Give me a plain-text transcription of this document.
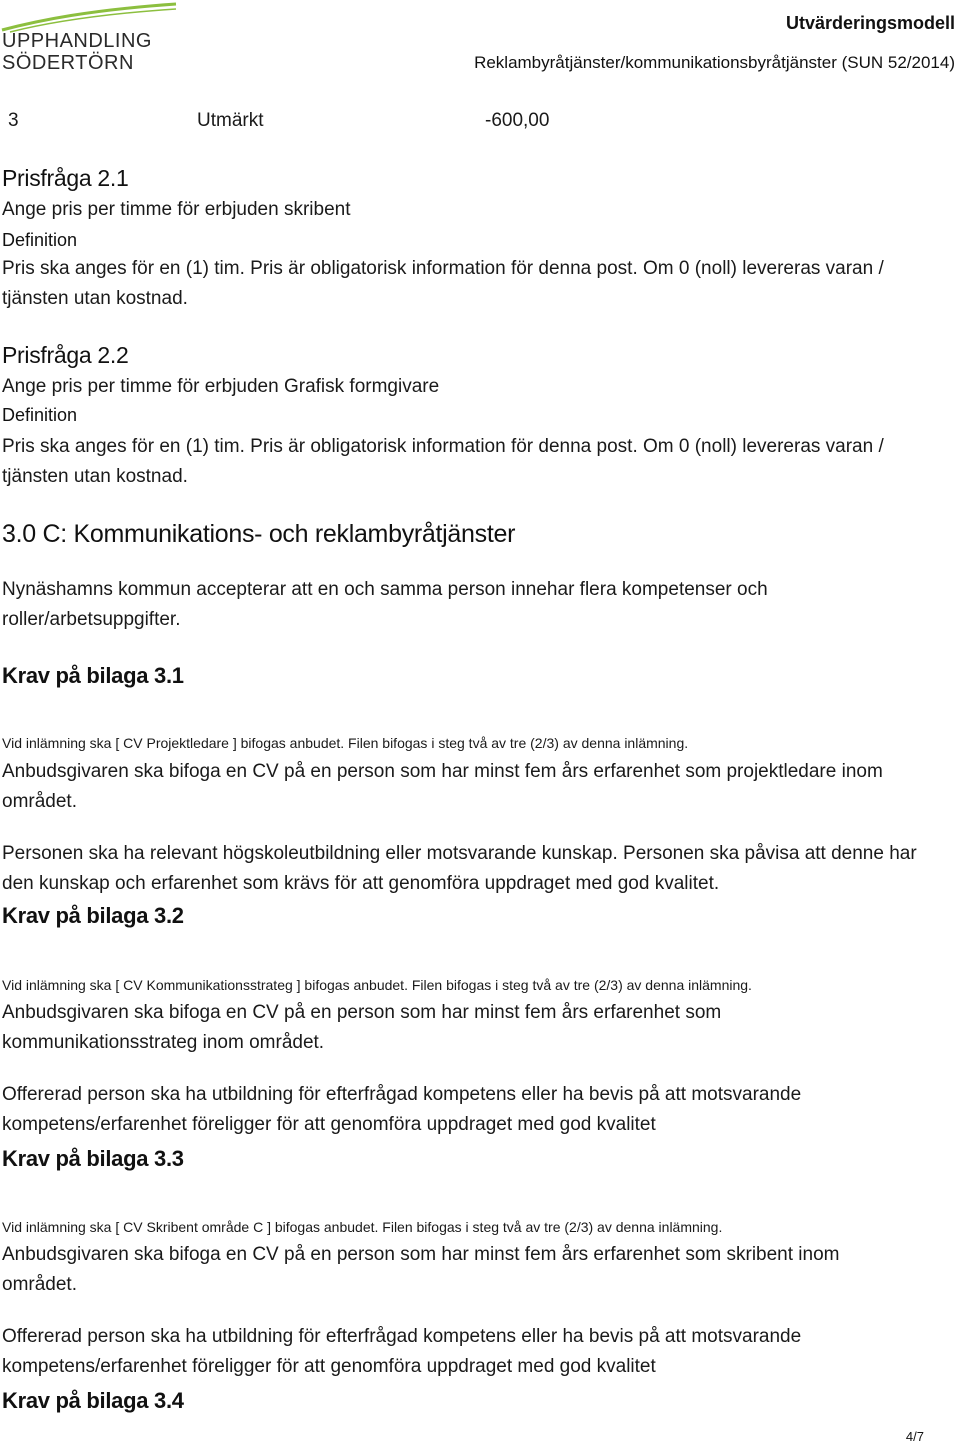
UPPHANDLING
SÖDERTÖRN
Utvärderingsmodell
Reklambyråtjänster/kommunikationsbyråtjänster (SUN 52/2014)
3	Utmärkt	-600,00
Prisfråga 2.1
Ange pris per timme för erbjuden skribent
Definition
Pris ska anges för en (1) tim. Pris är obligatorisk information för denna post. Om 0 (noll) levereras varan /
tjänsten utan kostnad.
Prisfråga 2.2
Ange pris per timme för erbjuden Grafisk formgivare
Definition
Pris ska anges för en (1) tim. Pris är obligatorisk information för denna post. Om 0 (noll) levereras varan /
tjänsten utan kostnad.
3.0 C: Kommunikations- och reklambyråtjänster
Nynäshamns kommun accepterar att en och samma person innehar flera kompetenser och
roller/arbetsuppgifter.
Krav på bilaga 3.1
Vid inlämning ska [ CV Projektledare ] bifogas anbudet. Filen bifogas i steg två av tre (2/3) av denna inlämning.
Anbudsgivaren ska bifoga en CV på en person som har minst fem års erfarenhet som projektledare inom
området.
Personen ska ha relevant högskoleutbildning eller motsvarande kunskap. Personen ska påvisa att denne har
den kunskap och erfarenhet som krävs för att genomföra uppdraget med god kvalitet.
Krav på bilaga 3.2
Vid inlämning ska [ CV Kommunikationsstrateg ] bifogas anbudet. Filen bifogas i steg två av tre (2/3) av denna inlämning.
Anbudsgivaren ska bifoga en CV på en person som har minst fem års erfarenhet som
kommunikationsstrateg inom området.
Offererad person ska ha utbildning för efterfrågad kompetens eller ha bevis på att motsvarande
kompetens/erfarenhet föreligger för att genomföra uppdraget med god kvalitet
Krav på bilaga 3.3
Vid inlämning ska [ CV Skribent område C ] bifogas anbudet. Filen bifogas i steg två av tre (2/3) av denna inlämning.
Anbudsgivaren ska bifoga en CV på en person som har minst fem års erfarenhet som skribent inom
området.
Offererad person ska ha utbildning för efterfrågad kompetens eller ha bevis på att motsvarande
kompetens/erfarenhet föreligger för att genomföra uppdraget med god kvalitet
Krav på bilaga 3.4
4/7
